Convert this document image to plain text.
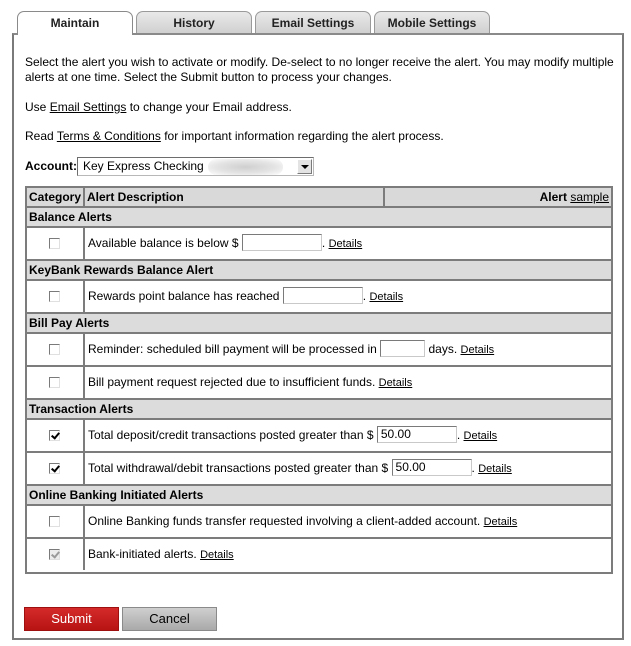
Maintain	History	Email Settings	Mobile Settings

Select the alert you wish to activate or modify. De-select to no longer receive the alert. You may modify multiple alerts at one time. Select the Submit button to process your changes.

Use Email Settings to change your Email address.

Read Terms & Conditions for important information regarding the alert process.

Account: Key Express Checking
Category Alert Description	Alert sample
Balance Alerts
Available balance is below $	. Details
KeyBank Rewards Balance Alert
Rewards point balance has reached	. Details
Bill Pay Alerts
Reminder: scheduled bill payment will be processed in	days. Details
Bill payment request rejected due to insufficient funds. Details
Transaction Alerts
Total deposit/credit transactions posted greater than $ 50.00	. Details
Total withdrawal/debit transactions posted greater than $ 50.00	. Details
Online Banking Initiated Alerts
Online Banking funds transfer requested involving a client-added account. Details
Bank-initiated alerts. Details
Submit	Cancel
